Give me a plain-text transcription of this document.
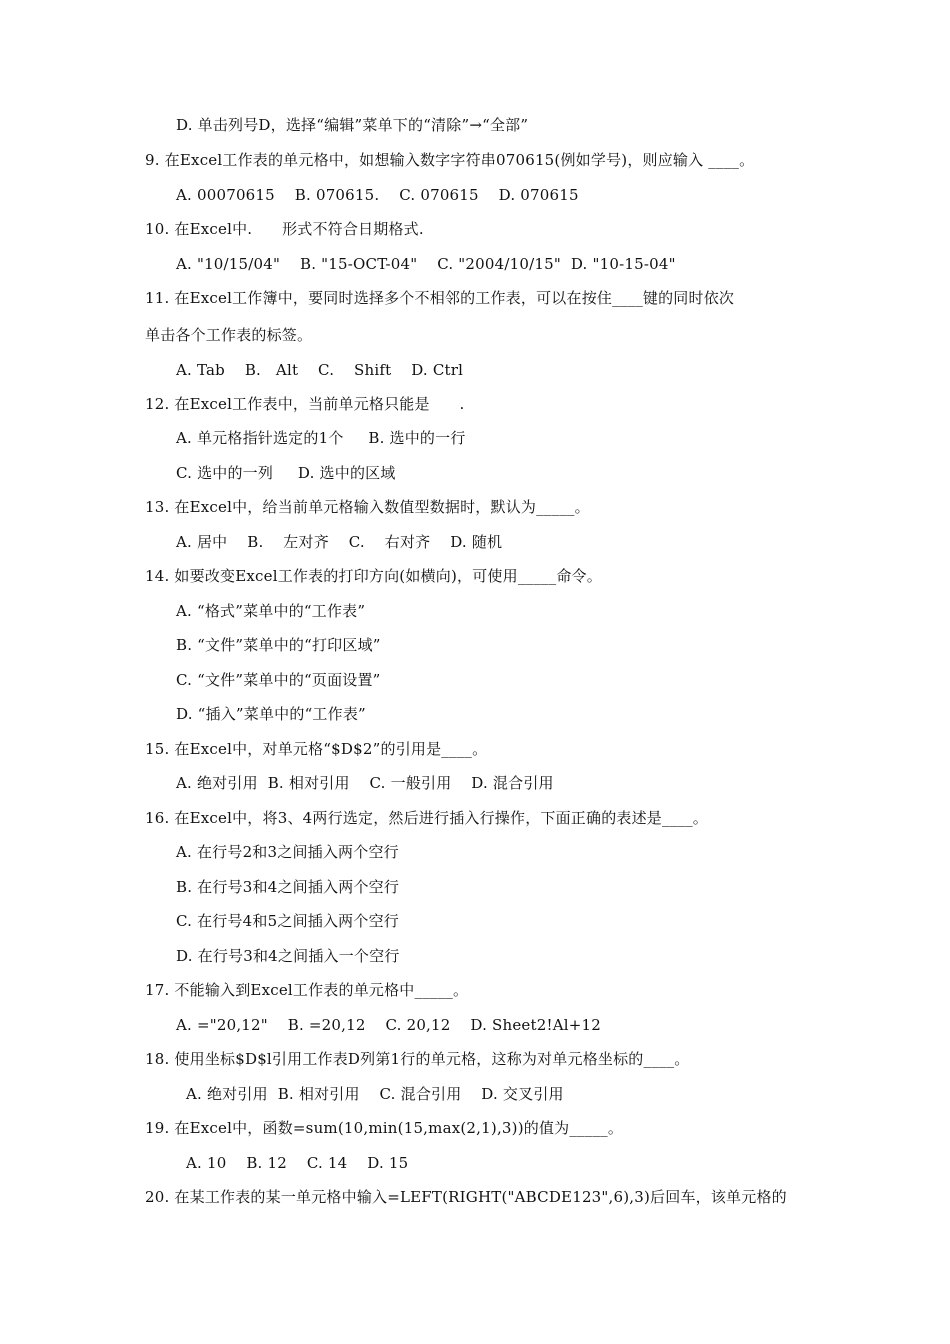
D. 单击列号D，选择“编辑”菜单下的“清除”→“全部”
9. 在Excel工作表的单元格中，如想输入数字字符串070615(例如学号)，则应输入 ____。
A. 00070615    B. 070615.    C. 070615    D. 070615
10. 在Excel中.      形式不符合日期格式.
A. "10/15/04"    B. "15-OCT-04"    C. "2004/10/15"  D. "10-15-04"
11. 在Excel工作簿中，要同时选择多个不相邻的工作表，可以在按住____键的同时依次
单击各个工作表的标签。
A. Tab    B.   Alt    C.    Shift    D. Ctrl
12. 在Excel工作表中，当前单元格只能是      .
A. 单元格指针选定的1个     B. 选中的一行
C. 选中的一列     D. 选中的区域
13. 在Excel中，给当前单元格输入数值型数据时，默认为_____。
A. 居中    B.    左对齐    C.    右对齐    D. 随机
14. 如要改变Excel工作表的打印方向(如横向)，可使用_____命令。
A. “格式”菜单中的“工作表”
B. “文件”菜单中的“打印区域”
C. “文件”菜单中的“页面设置”
D. “插入”菜单中的“工作表”
15. 在Excel中，对单元格“$D$2”的引用是____。
A. 绝对引用  B. 相对引用    C. 一般引用    D. 混合引用
16. 在Excel中，将3、4两行选定，然后进行插入行操作，下面正确的表述是____。
A. 在行号2和3之间插入两个空行
B. 在行号3和4之间插入两个空行
C. 在行号4和5之间插入两个空行
D. 在行号3和4之间插入一个空行
17. 不能输入到Excel工作表的单元格中_____。
A. ="20,12"    B. =20,12    C. 20,12    D. Sheet2!Al+12
18. 使用坐标$D$l引用工作表D列第1行的单元格，这称为对单元格坐标的____。
A. 绝对引用  B. 相对引用    C. 混合引用    D. 交叉引用
19. 在Excel中，函数=sum(10,min(15,max(2,1),3))的值为_____。
A. 10    B. 12    C. 14    D. 15
20. 在某工作表的某一单元格中输入=LEFT(RIGHT("ABCDE123",6),3)后回车，该单元格的
